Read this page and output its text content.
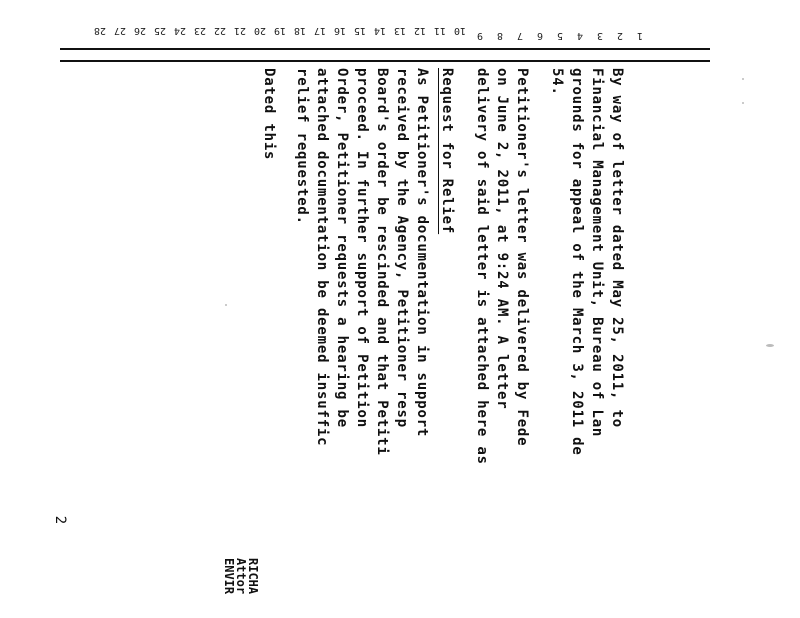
1
2
3
4
5
6
7
8
9
10
11
12
13
14
15
16
17
18
19
20
21
22
23
24
25
26
27
28
By way of letter dated May 25, 2011, to
Financial Management Unit, Bureau of Lan
grounds for appeal of the March 3, 2011 de
54.
Petitioner's letter was delivered by Fede
on June 2, 2011, at 9:24 AM. A letter
delivery of said letter is attached here as
Request for Relief
As Petitioner's documentation in support
received by the Agency, Petitioner resp
Board's order be rescinded and that Petiti
proceed. In further support of Petition
Order, Petitioner requests a hearing be
attached documentation be deemed insuffic
relief requested.
Dated this
2
RICHA
Attor
ENVIR
